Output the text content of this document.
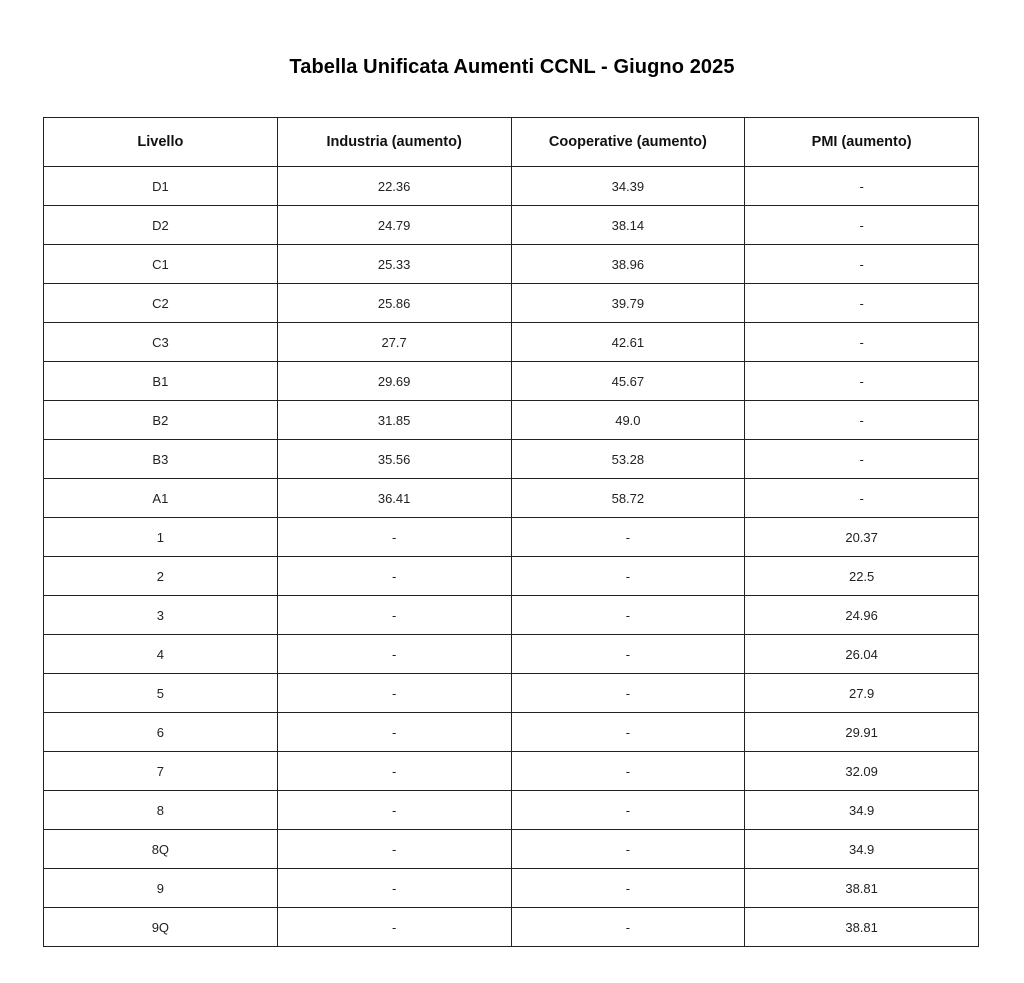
Tabella Unificata Aumenti CCNL - Giugno 2025
Livello	Industria (aumento)	Cooperative (aumento)	PMI (aumento)
D1	22.36	34.39	-
D2	24.79	38.14	-
C1	25.33	38.96	-
C2	25.86	39.79	-
C3	27.7	42.61	-
B1	29.69	45.67	-
B2	31.85	49.0	-
B3	35.56	53.28	-
A1	36.41	58.72	-
1	-	-	20.37
2	-	-	22.5
3	-	-	24.96
4	-	-	26.04
5	-	-	27.9
6	-	-	29.91
7	-	-	32.09
8	-	-	34.9
8Q	-	-	34.9
9	-	-	38.81
9Q	-	-	38.81
